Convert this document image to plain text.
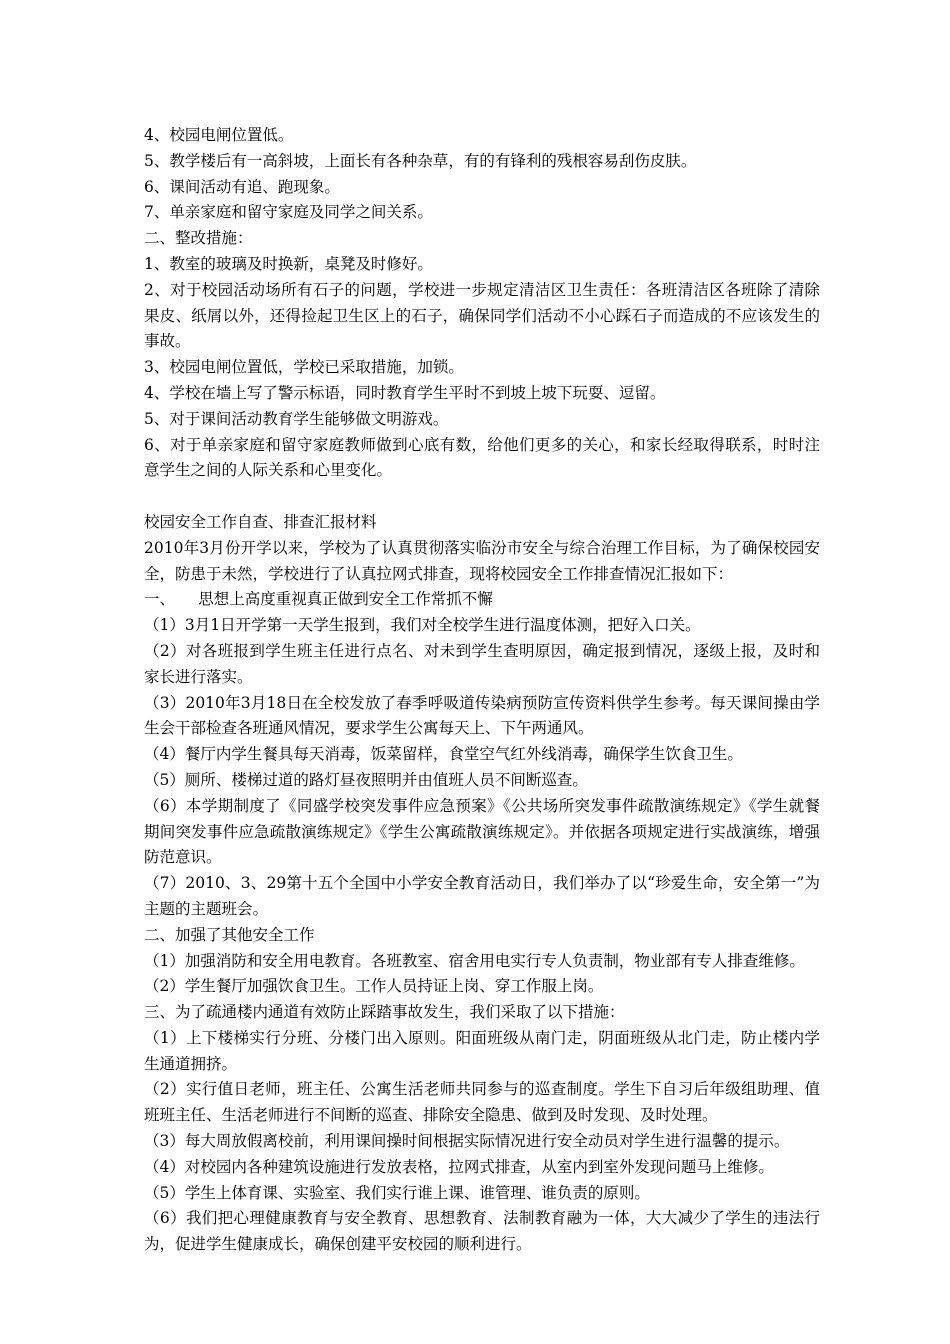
4、校园电闸位置低。

5、教学楼后有一高斜坡，上面长有各种杂草，有的有锋利的残根容易刮伤皮肤。

6、课间活动有追、跑现象。

7、单亲家庭和留守家庭及同学之间关系。

二、整改措施：

1、教室的玻璃及时换新，桌凳及时修好。

2、对于校园活动场所有石子的问题，学校进一步规定清洁区卫生责任：各班清洁区各班除了清除果皮、纸屑以外，还得捡起卫生区上的石子，确保同学们活动不小心踩石子而造成的不应该发生的事故。

3、校园电闸位置低，学校已采取措施，加锁。

4、学校在墙上写了警示标语，同时教育学生平时不到坡上坡下玩耍、逗留。

5、对于课间活动教育学生能够做文明游戏。

6、对于单亲家庭和留守家庭教师做到心底有数，给他们更多的关心，和家长经取得联系，时时注意学生之间的人际关系和心里变化。

校园安全工作自查、排查汇报材料

2010年3月份开学以来，学校为了认真贯彻落实临汾市安全与综合治理工作目标，为了确保校园安全，防患于未然，学校进行了认真拉网式排查，现将校园安全工作排查情况汇报如下：

一、　　思想上高度重视真正做到安全工作常抓不懈

（1）3月1日开学第一天学生报到，我们对全校学生进行温度体测，把好入口关。

（2）对各班报到学生班主任进行点名、对未到学生查明原因，确定报到情况，逐级上报，及时和家长进行落实。

（3）2010年3月18日在全校发放了春季呼吸道传染病预防宣传资料供学生参考。每天课间操由学生会干部检查各班通风情况，要求学生公寓每天上、下午两通风。

（4）餐厅内学生餐具每天消毒，饭菜留样，食堂空气红外线消毒，确保学生饮食卫生。

（5）厕所、楼梯过道的路灯昼夜照明并由值班人员不间断巡查。

（6）本学期制度了《同盛学校突发事件应急预案》《公共场所突发事件疏散演练规定》《学生就餐期间突发事件应急疏散演练规定》《学生公寓疏散演练规定》。并依据各项规定进行实战演练，增强防范意识。

（7）2010、3、29第十五个全国中小学安全教育活动日，我们举办了以“珍爱生命，安全第一”为主题的主题班会。

二、加强了其他安全工作

（1）加强消防和安全用电教育。各班教室、宿舍用电实行专人负责制，物业部有专人排查维修。

（2）学生餐厅加强饮食卫生。工作人员持证上岗、穿工作服上岗。

三、为了疏通楼内通道有效防止踩踏事故发生，我们采取了以下措施：

（1）上下楼梯实行分班、分楼门出入原则。阳面班级从南门走，阴面班级从北门走，防止楼内学生通道拥挤。

（2）实行值日老师，班主任、公寓生活老师共同参与的巡查制度。学生下自习后年级组助理、值班班主任、生活老师进行不间断的巡查、排除安全隐患、做到及时发现、及时处理。

（3）每大周放假离校前，利用课间操时间根据实际情况进行安全动员对学生进行温馨的提示。

（4）对校园内各种建筑设施进行发放表格，拉网式排查，从室内到室外发现问题马上维修。

（5）学生上体育课、实验室、我们实行谁上课、谁管理、谁负责的原则。

（6）我们把心理健康教育与安全教育、思想教育、法制教育融为一体，大大减少了学生的违法行为，促进学生健康成长，确保创建平安校园的顺利进行。
